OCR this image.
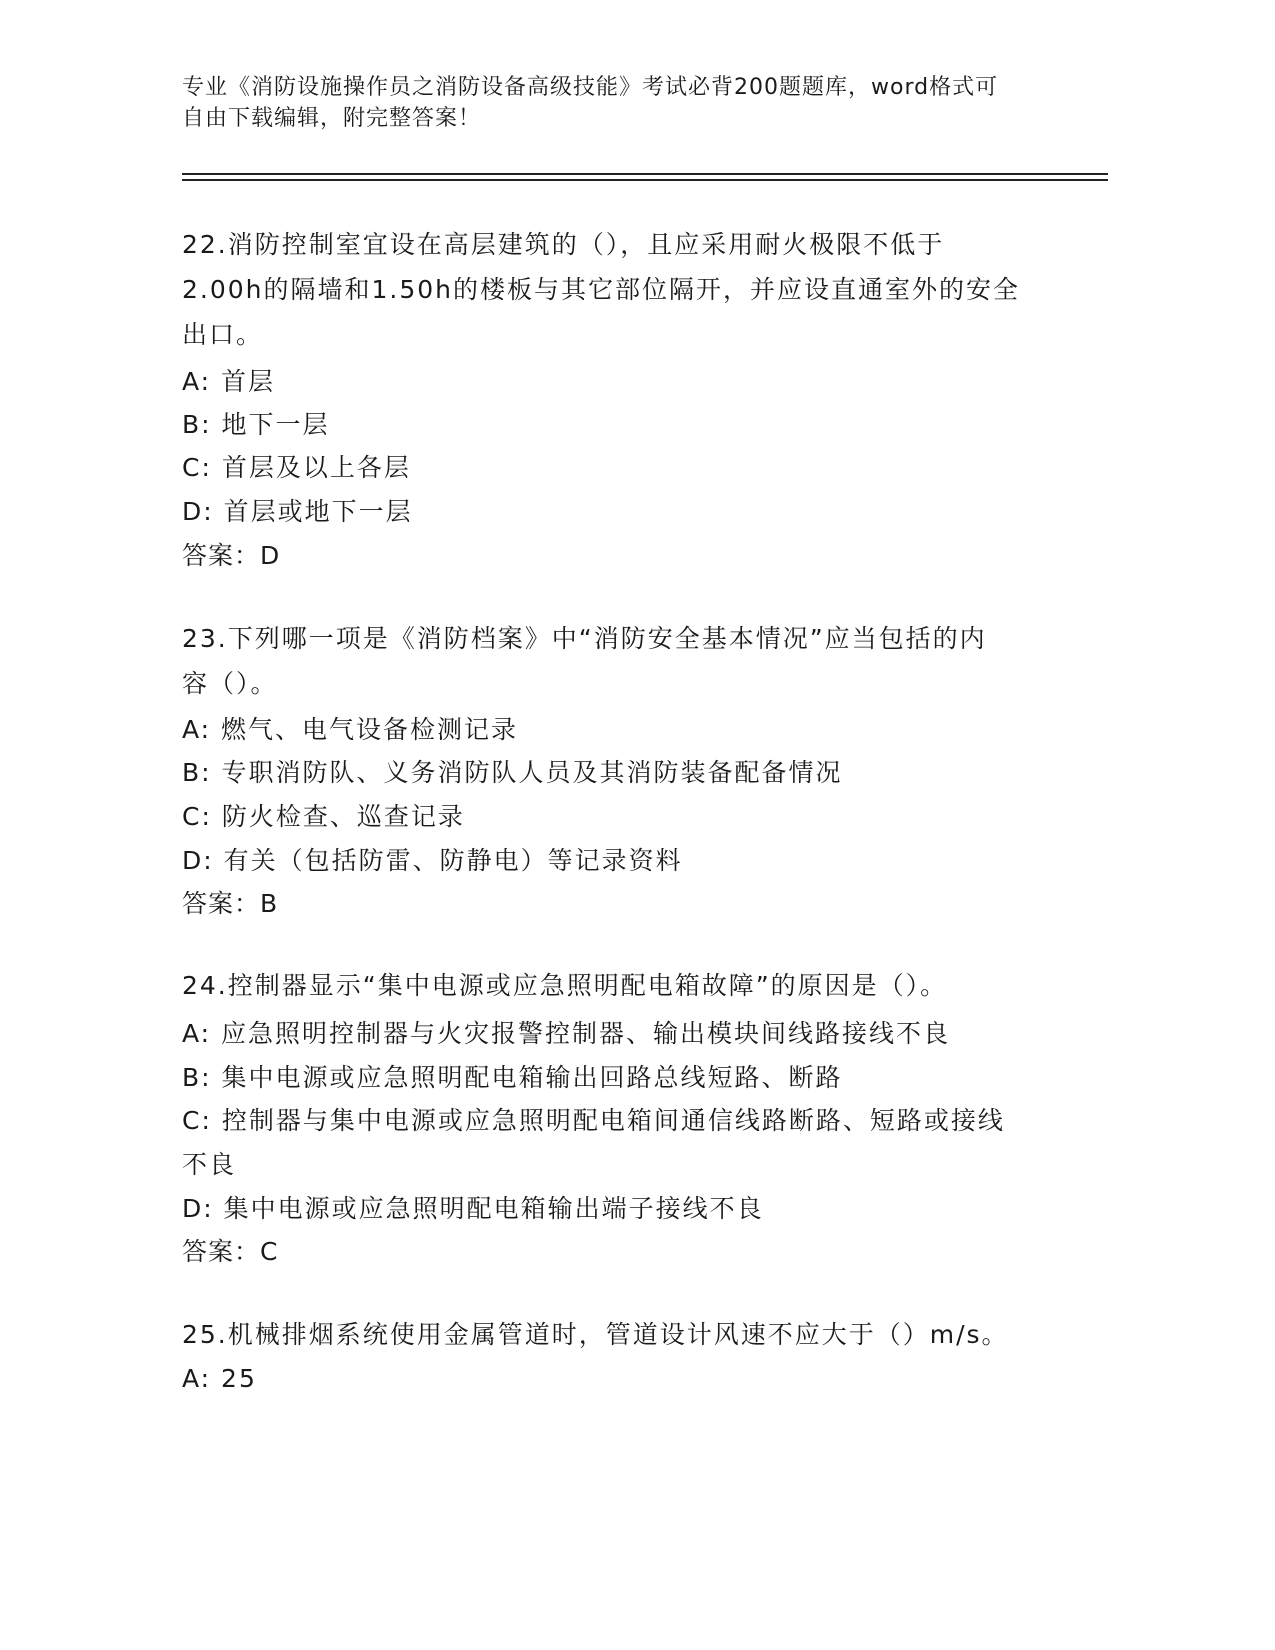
专业《消防设施操作员之消防设备高级技能》考试必背200题题库，word格式可
自由下载编辑，附完整答案！
22.消防控制室宜设在高层建筑的（），且应采用耐火极限不低于
2.00h的隔墙和1.50h的楼板与其它部位隔开，并应设直通室外的安全
出口。
A: 首层
B: 地下一层
C: 首层及以上各层
D: 首层或地下一层
答案：D
23.下列哪一项是《消防档案》中“消防安全基本情况”应当包括的内
容（）。
A: 燃气、电气设备检测记录
B: 专职消防队、义务消防队人员及其消防装备配备情况
C: 防火检查、巡查记录
D: 有关（包括防雷、防静电）等记录资料
答案：B
24.控制器显示“集中电源或应急照明配电箱故障”的原因是（）。
A: 应急照明控制器与火灾报警控制器、输出模块间线路接线不良
B: 集中电源或应急照明配电箱输出回路总线短路、断路
C: 控制器与集中电源或应急照明配电箱间通信线路断路、短路或接线
不良
D: 集中电源或应急照明配电箱输出端子接线不良
答案：C
25.机械排烟系统使用金属管道时，管道设计风速不应大于（）m/s。
A: 25
